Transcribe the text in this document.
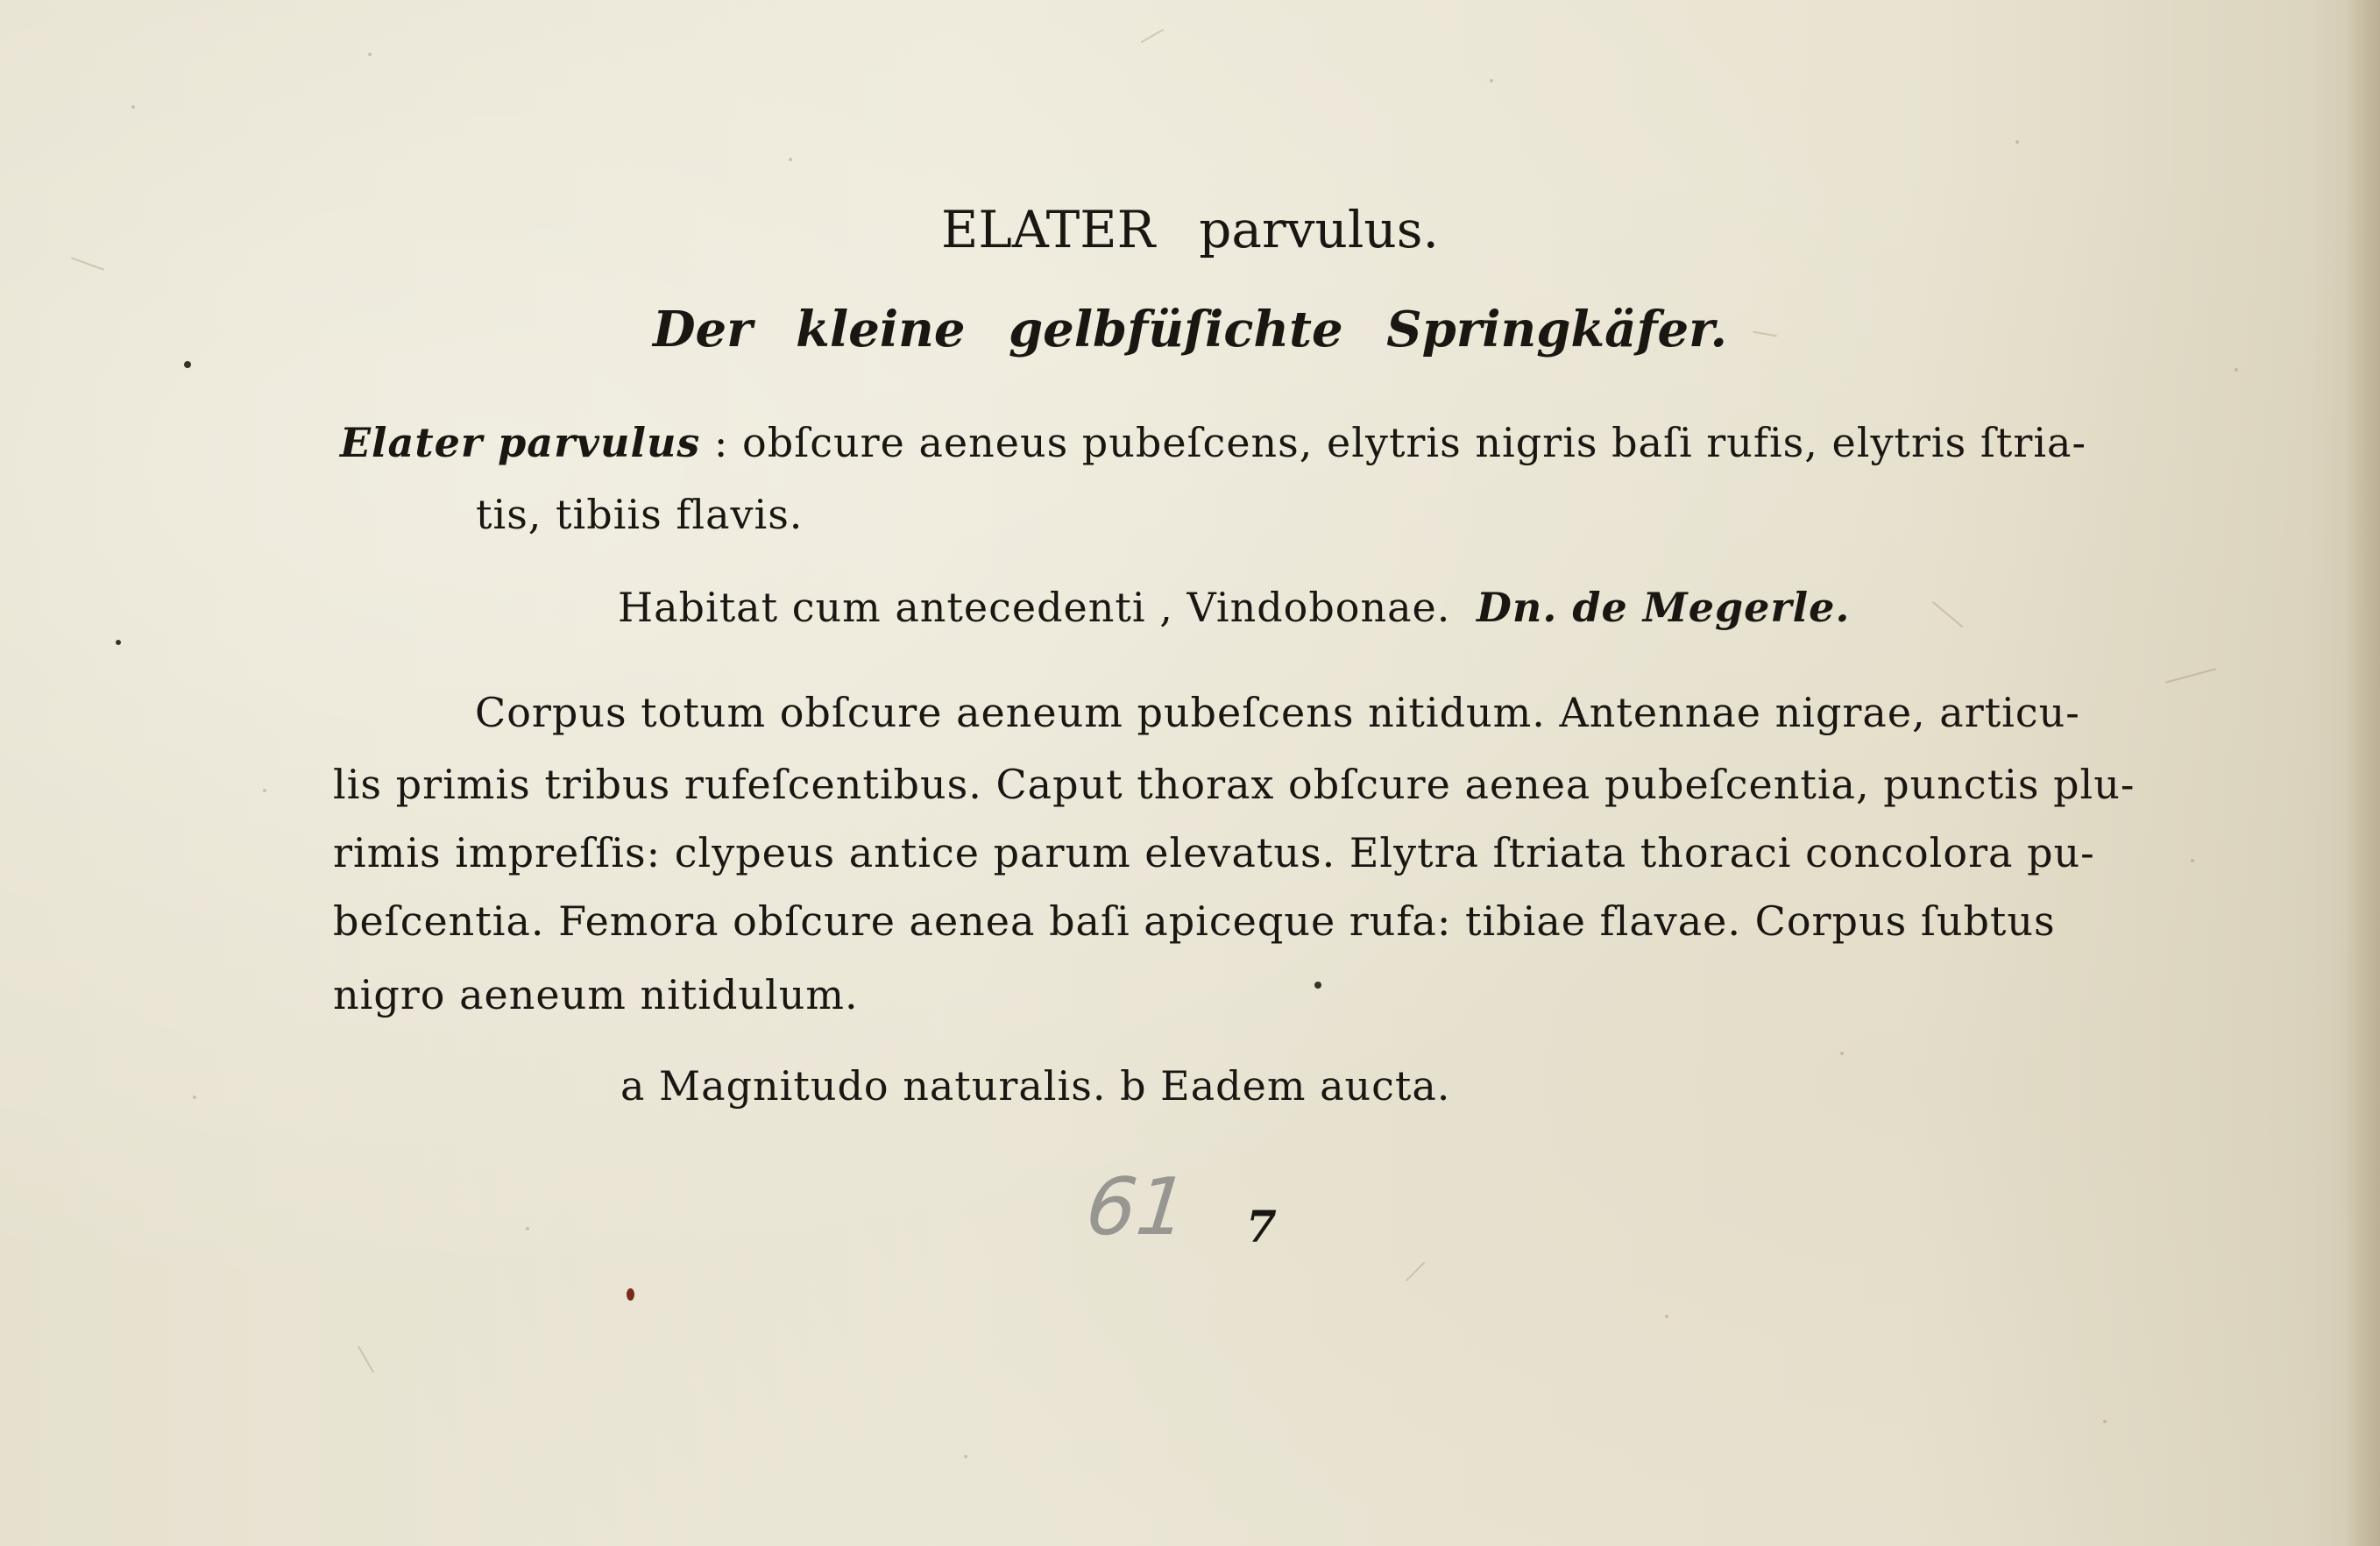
ELATER parvulus.
Der kleine gelbfüſichte Springkäfer.
Elater parvulus : obſcure aeneus pubeſcens, elytris nigris baſi rufis, elytris ſtria-
tis, tibiis flavis.
Habitat cum antecedenti , Vindobonae. Dn. de Megerle.
Corpus totum obſcure aeneum pubeſcens nitidum. Antennae nigrae, articu-
lis primis tribus rufeſcentibus. Caput thorax obſcure aenea pubeſcentia, punctis plu-
rimis impreſſis: clypeus antice parum elevatus. Elytra ſtriata thoraci concolora pu-
beſcentia. Femora obſcure aenea baſi apiceque rufa: tibiae flavae. Corpus ſubtus
nigro aeneum nitidulum.
a Magnitudo naturalis. b Eadem aucta.
61 7
